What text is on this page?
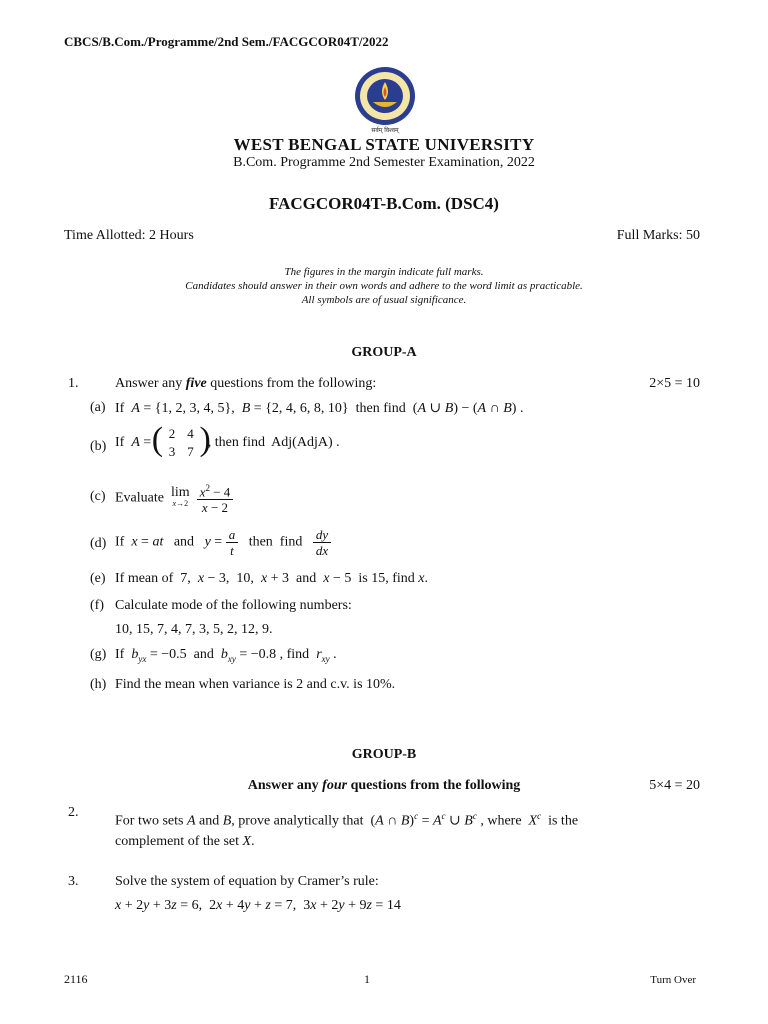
CBCS/B.Com./Programme/2nd Sem./FACGCOR04T/2022
सर्वम् विश्वम्
WEST BENGAL STATE UNIVERSITY
B.Com. Programme 2nd Semester Examination, 2022
FACGCOR04T-B.Com. (DSC4)
Time Allotted: 2 Hours	Full Marks: 50
The figures in the margin indicate full marks.
Candidates should answer in their own words and adhere to the word limit as practicable.
All symbols are of usual significance.
GROUP-A
1.	Answer any five questions from the following:	2×5 = 10
(a) If  A = {1, 2, 3, 4, 5},  B = {2, 4, 6, 8, 10}  then find  (A ∪ B) − (A ∩ B) .
(b) If  A =
( 2	4
3	7 )
, then find  Adj(AdjA) .
(c) Evaluate lim
x→2
$\frac{x^2 - 4}{x - 2}$
(d) If  x = at   and   $y = \frac{a}{t}$ then  find $\frac{dy}{dx}$
(e) If mean of  7,  x − 3,  10,  x + 3  and  x − 5  is 15, find x.
(f) Calculate mode of the following numbers:
10, 15, 7, 4, 7, 3, 5, 2, 12, 9.
(g) If  $b_{yx} = -0.5$  and  $b_{xy} = -0.8$ , find  $r_{xy}$ .
(h) Find the mean when variance is 2 and c.v. is 10%.
GROUP-B
Answer any four questions from the following	5×4 = 20
2.
For two sets A and B, prove analytically that  (A ∩ $B)^c = A^c$ ∪ $B^c$ , where  $X^c$  is the complement of the set X.
3.	Solve the system of equation by Cramer’s rule:
x + 2y + 3z = 6,  2x + 4y + z = 7,  3x + 2y + 9z = 14
2116	1	Turn Over
